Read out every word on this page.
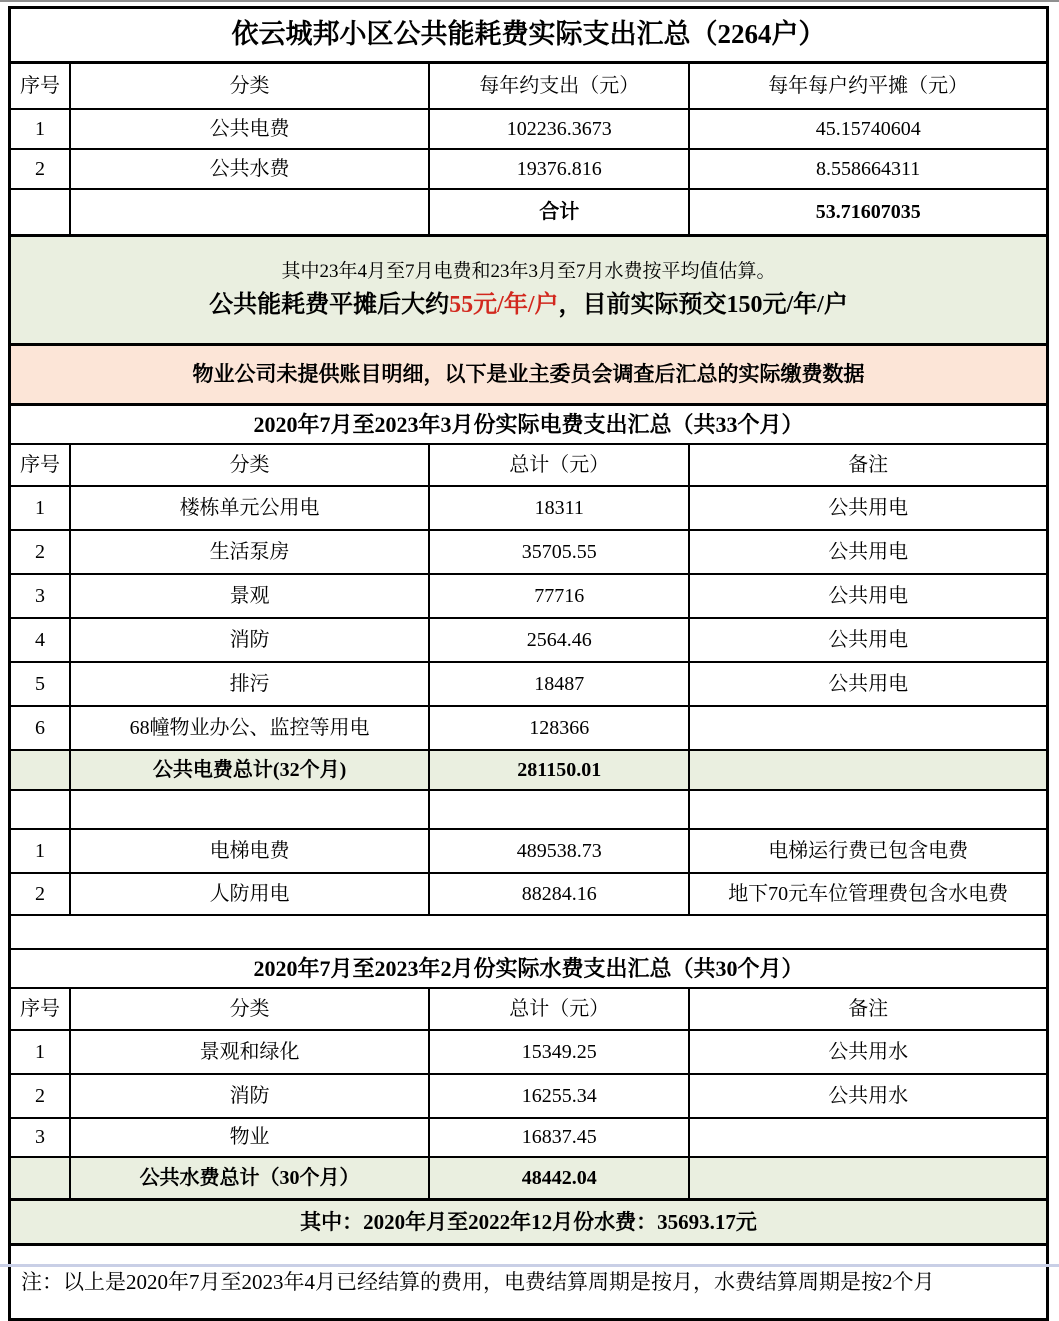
依云城邦小区公共能耗费实际支出汇总（2264户）			
序号	分类	每年约支出（元）	每年每户约平摊（元）
1	公共电费	102236.3673	45.15740604
2	公共水费	19376.816	8.558664311
		合计	53.71607035

其中23年4月至7月电费和23年3月至7月水费按平均值估算。
公共能耗费平摊后大约55元/年/户，目前实际预交150元/年/户			

物业公司未提供账目明细，以下是业主委员会调查后汇总的实际缴费数据			
2020年7月至2023年3月份实际电费支出汇总（共33个月）			
序号	分类	总计（元）	备注
1	楼栋单元公用电	18311	公共用电
2	生活泵房	35705.55	公共用电
3	景观	77716	公共用电
4	消防	2564.46	公共用电
5	排污	18487	公共用电
6	68幢物业办公、监控等用电	128366	
	公共电费总计(32个月)	281150.01	

1	电梯电费	489538.73	电梯运行费已包含电费
2	人防用电	88284.16	地下70元车位管理费包含水电费

2020年7月至2023年2月份实际水费支出汇总（共30个月）			
序号	分类	总计（元）	备注
1	景观和绿化	15349.25	公共用水
2	消防	16255.34	公共用水
3	物业	16837.45	
	公共水费总计（30个月）	48442.04	
其中：2020年月至2022年12月份水费：35693.17元			
注：以上是2020年7月至2023年4月已经结算的费用，电费结算周期是按月，水费结算周期是按2个月			
